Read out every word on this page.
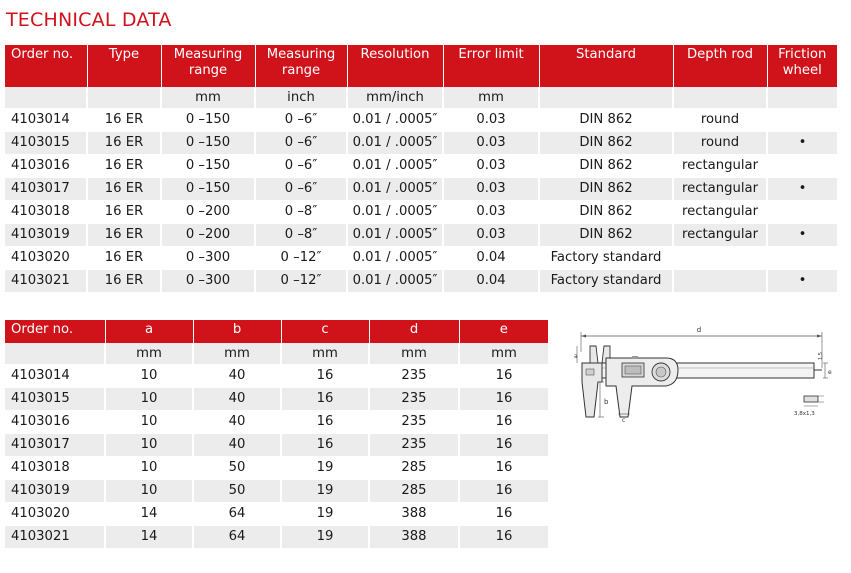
TECHNICAL DATA
Order no.	Type	Measuring range	Measuring range	Resolution	Error limit	Standard	Depth rod	Friction wheel
		mm	inch	mm/inch	mm			
4103014	16 ER	0 –150	0 –6″	0.01 / .0005″	0.03	DIN 862	round	
4103015	16 ER	0 –150	0 –6″	0.01 / .0005″	0.03	DIN 862	round	•
4103016	16 ER	0 –150	0 –6″	0.01 / .0005″	0.03	DIN 862	rectangular	
4103017	16 ER	0 –150	0 –6″	0.01 / .0005″	0.03	DIN 862	rectangular	•
4103018	16 ER	0 –200	0 –8″	0.01 / .0005″	0.03	DIN 862	rectangular	
4103019	16 ER	0 –200	0 –8″	0.01 / .0005″	0.03	DIN 862	rectangular	•
4103020	16 ER	0 –300	0 –12″	0.01 / .0005″	0.04	Factory standard		
4103021	16 ER	0 –300	0 –12″	0.01 / .0005″	0.04	Factory standard		•
Order no.	a	b	c	d	e
	mm	mm	mm	mm	mm
4103014	10	40	16	235	16
4103015	10	40	16	235	16
4103016	10	40	16	235	16
4103017	10	40	16	235	16
4103018	10	50	19	285	16
4103019	10	50	19	285	16
4103020	14	64	19	388	16
4103021	14	64	19	388	16
d
a
b
c
e
1,5
3,8x1,3
